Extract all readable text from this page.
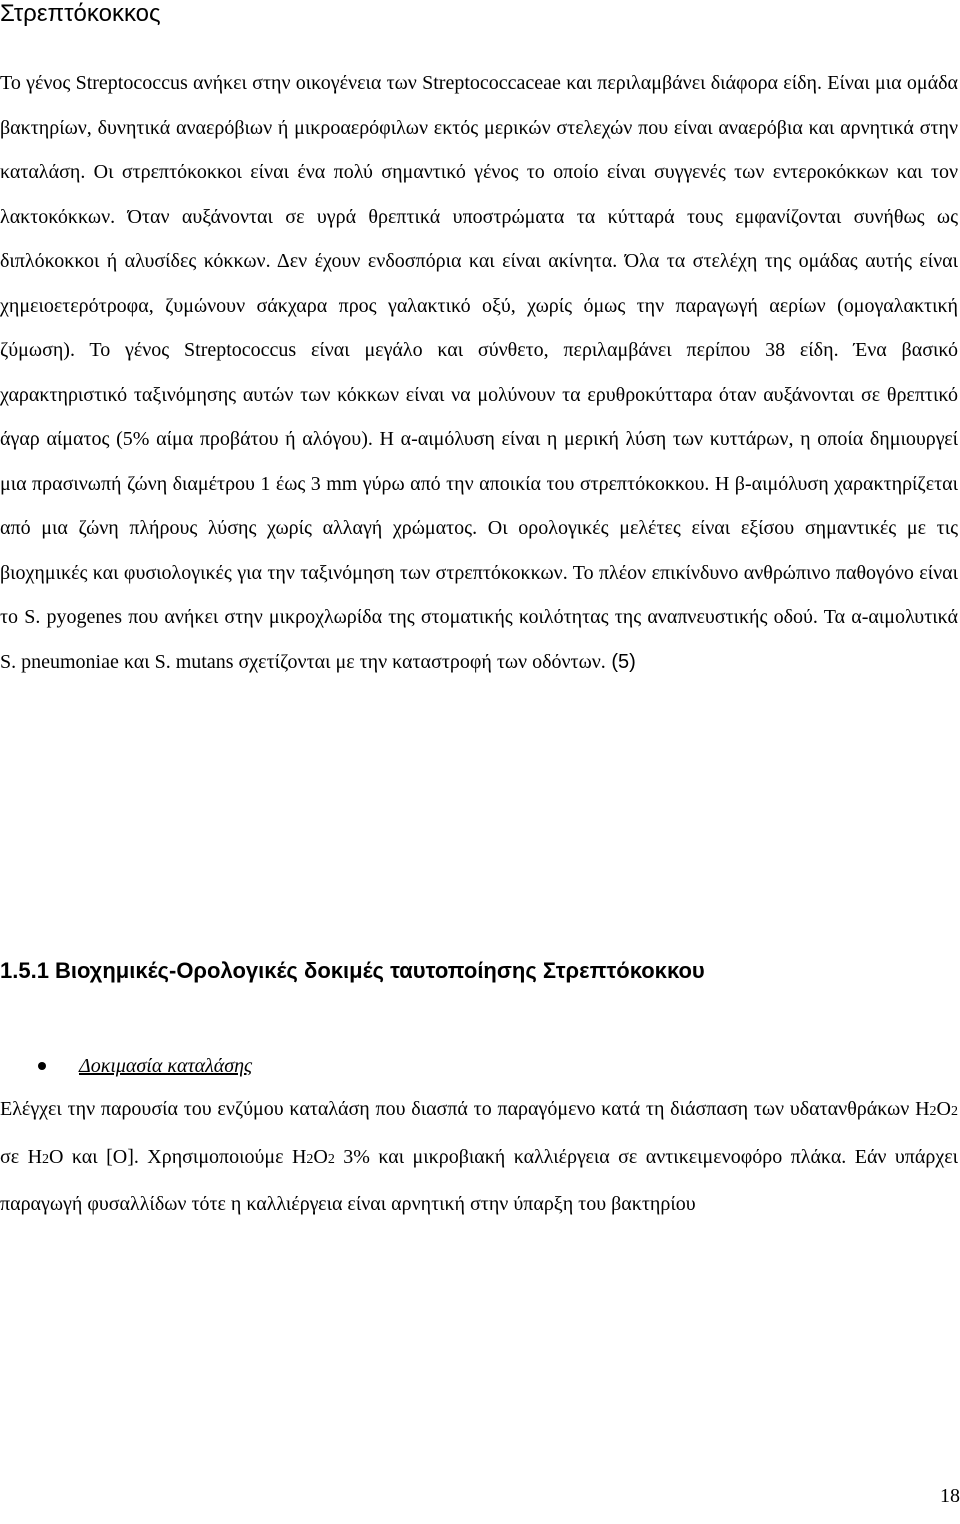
Στρεπτόκοκκος

Το γένος Streptococcus ανήκει στην οικογένεια των Streptococcaceae και περιλαμβάνει διάφορα είδη. Είναι μια ομάδα βακτηρίων, δυνητικά αναερόβιων ή μικροαερόφιλων εκτός μερικών στελεχών που είναι αναερόβια και αρνητικά στην καταλάση. Οι στρεπτόκοκκοι είναι ένα πολύ σημαντικό γένος το οποίο είναι συγγενές των εντεροκόκκων και τον λακτοκόκκων. Όταν αυξάνονται σε υγρά θρεπτικά υποστρώματα τα κύτταρά τους εμφανίζονται συνήθως ως διπλόκοκκοι ή αλυσίδες κόκκων. Δεν έχουν ενδοσπόρια και είναι ακίνητα. Όλα τα στελέχη της ομάδας αυτής είναι χημειοετερότροφα, ζυμώνουν σάκχαρα προς γαλακτικό οξύ, χωρίς όμως την παραγωγή αερίων (ομογαλακτική ζύμωση). Το γένος Streptococcus είναι μεγάλο και σύνθετο, περιλαμβάνει περίπου 38 είδη. Ένα βασικό χαρακτηριστικό ταξινόμησης αυτών των κόκκων είναι να μολύνουν τα ερυθροκύτταρα όταν αυξάνονται σε θρεπτικό άγαρ αίματος (5% αίμα προβάτου ή αλόγου). Η α-αιμόλυση είναι η μερική λύση των κυττάρων, η οποία δημιουργεί μια πρασινωπή ζώνη διαμέτρου 1 έως 3 mm γύρω από την αποικία του στρεπτόκοκκου. Η β-αιμόλυση χαρακτηρίζεται από μια ζώνη πλήρους λύσης χωρίς αλλαγή χρώματος. Οι ορολογικές μελέτες είναι εξίσου σημαντικές με τις βιοχημικές και φυσιολογικές για την ταξινόμηση των στρεπτόκοκκων. Το πλέον επικίνδυνο ανθρώπινο παθογόνο είναι το S. pyogenes που ανήκει στην μικροχλωρίδα της στοματικής κοιλότητας της αναπνευστικής οδού. Τα α-αιμολυτικά S. pneumoniae και S. mutans σχετίζονται με την καταστροφή των οδόντων. (5)

1.5.1 Βιοχημικές-Ορολογικές δοκιμές ταυτοποίησης Στρεπτόκοκκου
Δοκιμασία καταλάσης

Ελέγχει την παρουσία του ενζύμου καταλάση που διασπά το παραγόμενο κατά τη διάσπαση των υδατανθράκων H2O2 σε H2O και [O]. Χρησιμοποιούμε H2O2 3% και μικροβιακή καλλιέργεια σε αντικειμενοφόρο πλάκα. Εάν υπάρχει παραγωγή φυσαλλίδων τότε η καλλιέργεια είναι αρνητική στην ύπαρξη του βακτηρίου

18
